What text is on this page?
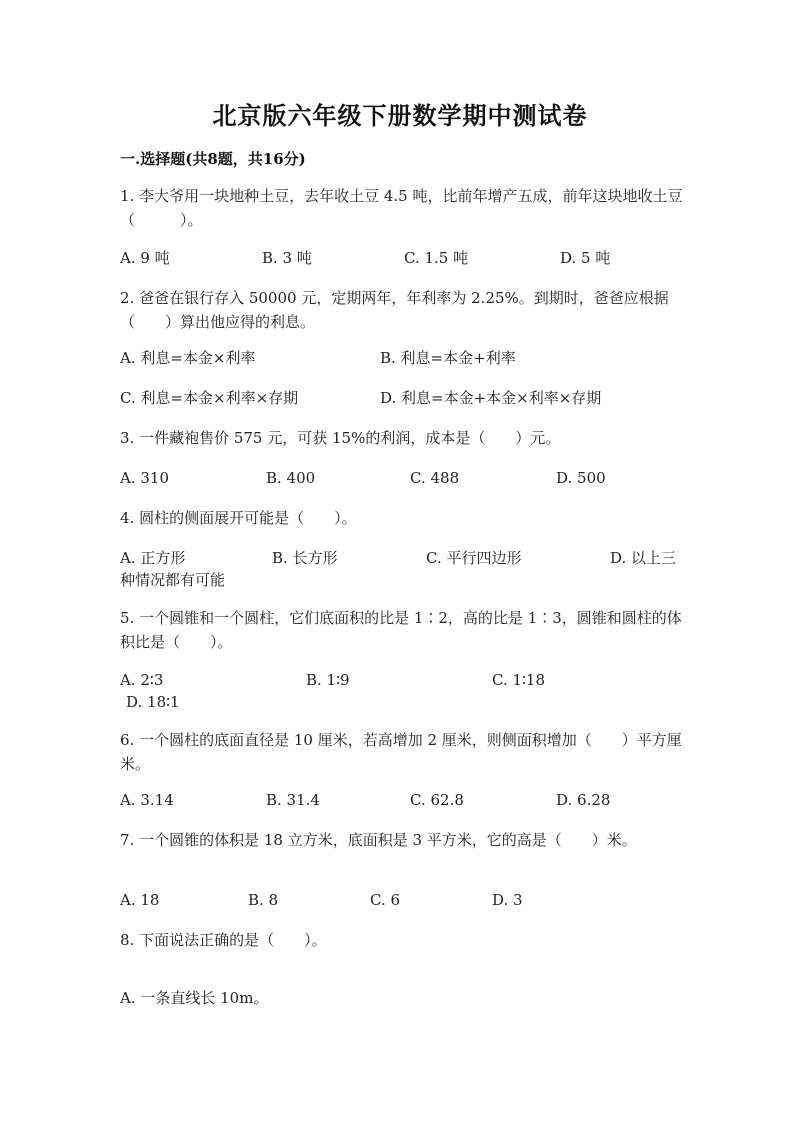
北京版六年级下册数学期中测试卷
一.选择题(共8题，共16分)
1. 李大爷用一块地种土豆，去年收土豆 4.5 吨，比前年增产五成，前年这块地收土豆（　　　）。
A. 9 吨	B. 3 吨	C. 1.5 吨	D. 5 吨
2. 爸爸在银行存入 50000 元，定期两年，年利率为 2.25%。到期时，爸爸应根据（　　）算出他应得的利息。
A. 利息=本金×利率	B. 利息=本金+利率
C. 利息=本金×利率×存期	D. 利息=本金+本金×利率×存期
3. 一件藏袍售价 575 元，可获 15%的利润，成本是（　　）元。
A. 310	B. 400	C. 488	D. 500
4. 圆柱的侧面展开可能是（　　）。
A. 正方形	B. 长方形	C. 平行四边形	D. 以上三
种情况都有可能
5. 一个圆锥和一个圆柱，它们底面积的比是 1∶2，高的比是 1∶3，圆锥和圆柱的体积比是（　　）。
A. 2∶3	B. 1∶9	C. 1∶18
D. 18∶1
6. 一个圆柱的底面直径是 10 厘米，若高增加 2 厘米，则侧面积增加（　　）平方厘米。
A. 3.14	B. 31.4	C. 62.8	D. 6.28
7. 一个圆锥的体积是 18 立方米，底面积是 3 平方米，它的高是（　　）米。
A. 18	B. 8	C. 6	D. 3
8. 下面说法正确的是（　　）。
A. 一条直线长 10m。
